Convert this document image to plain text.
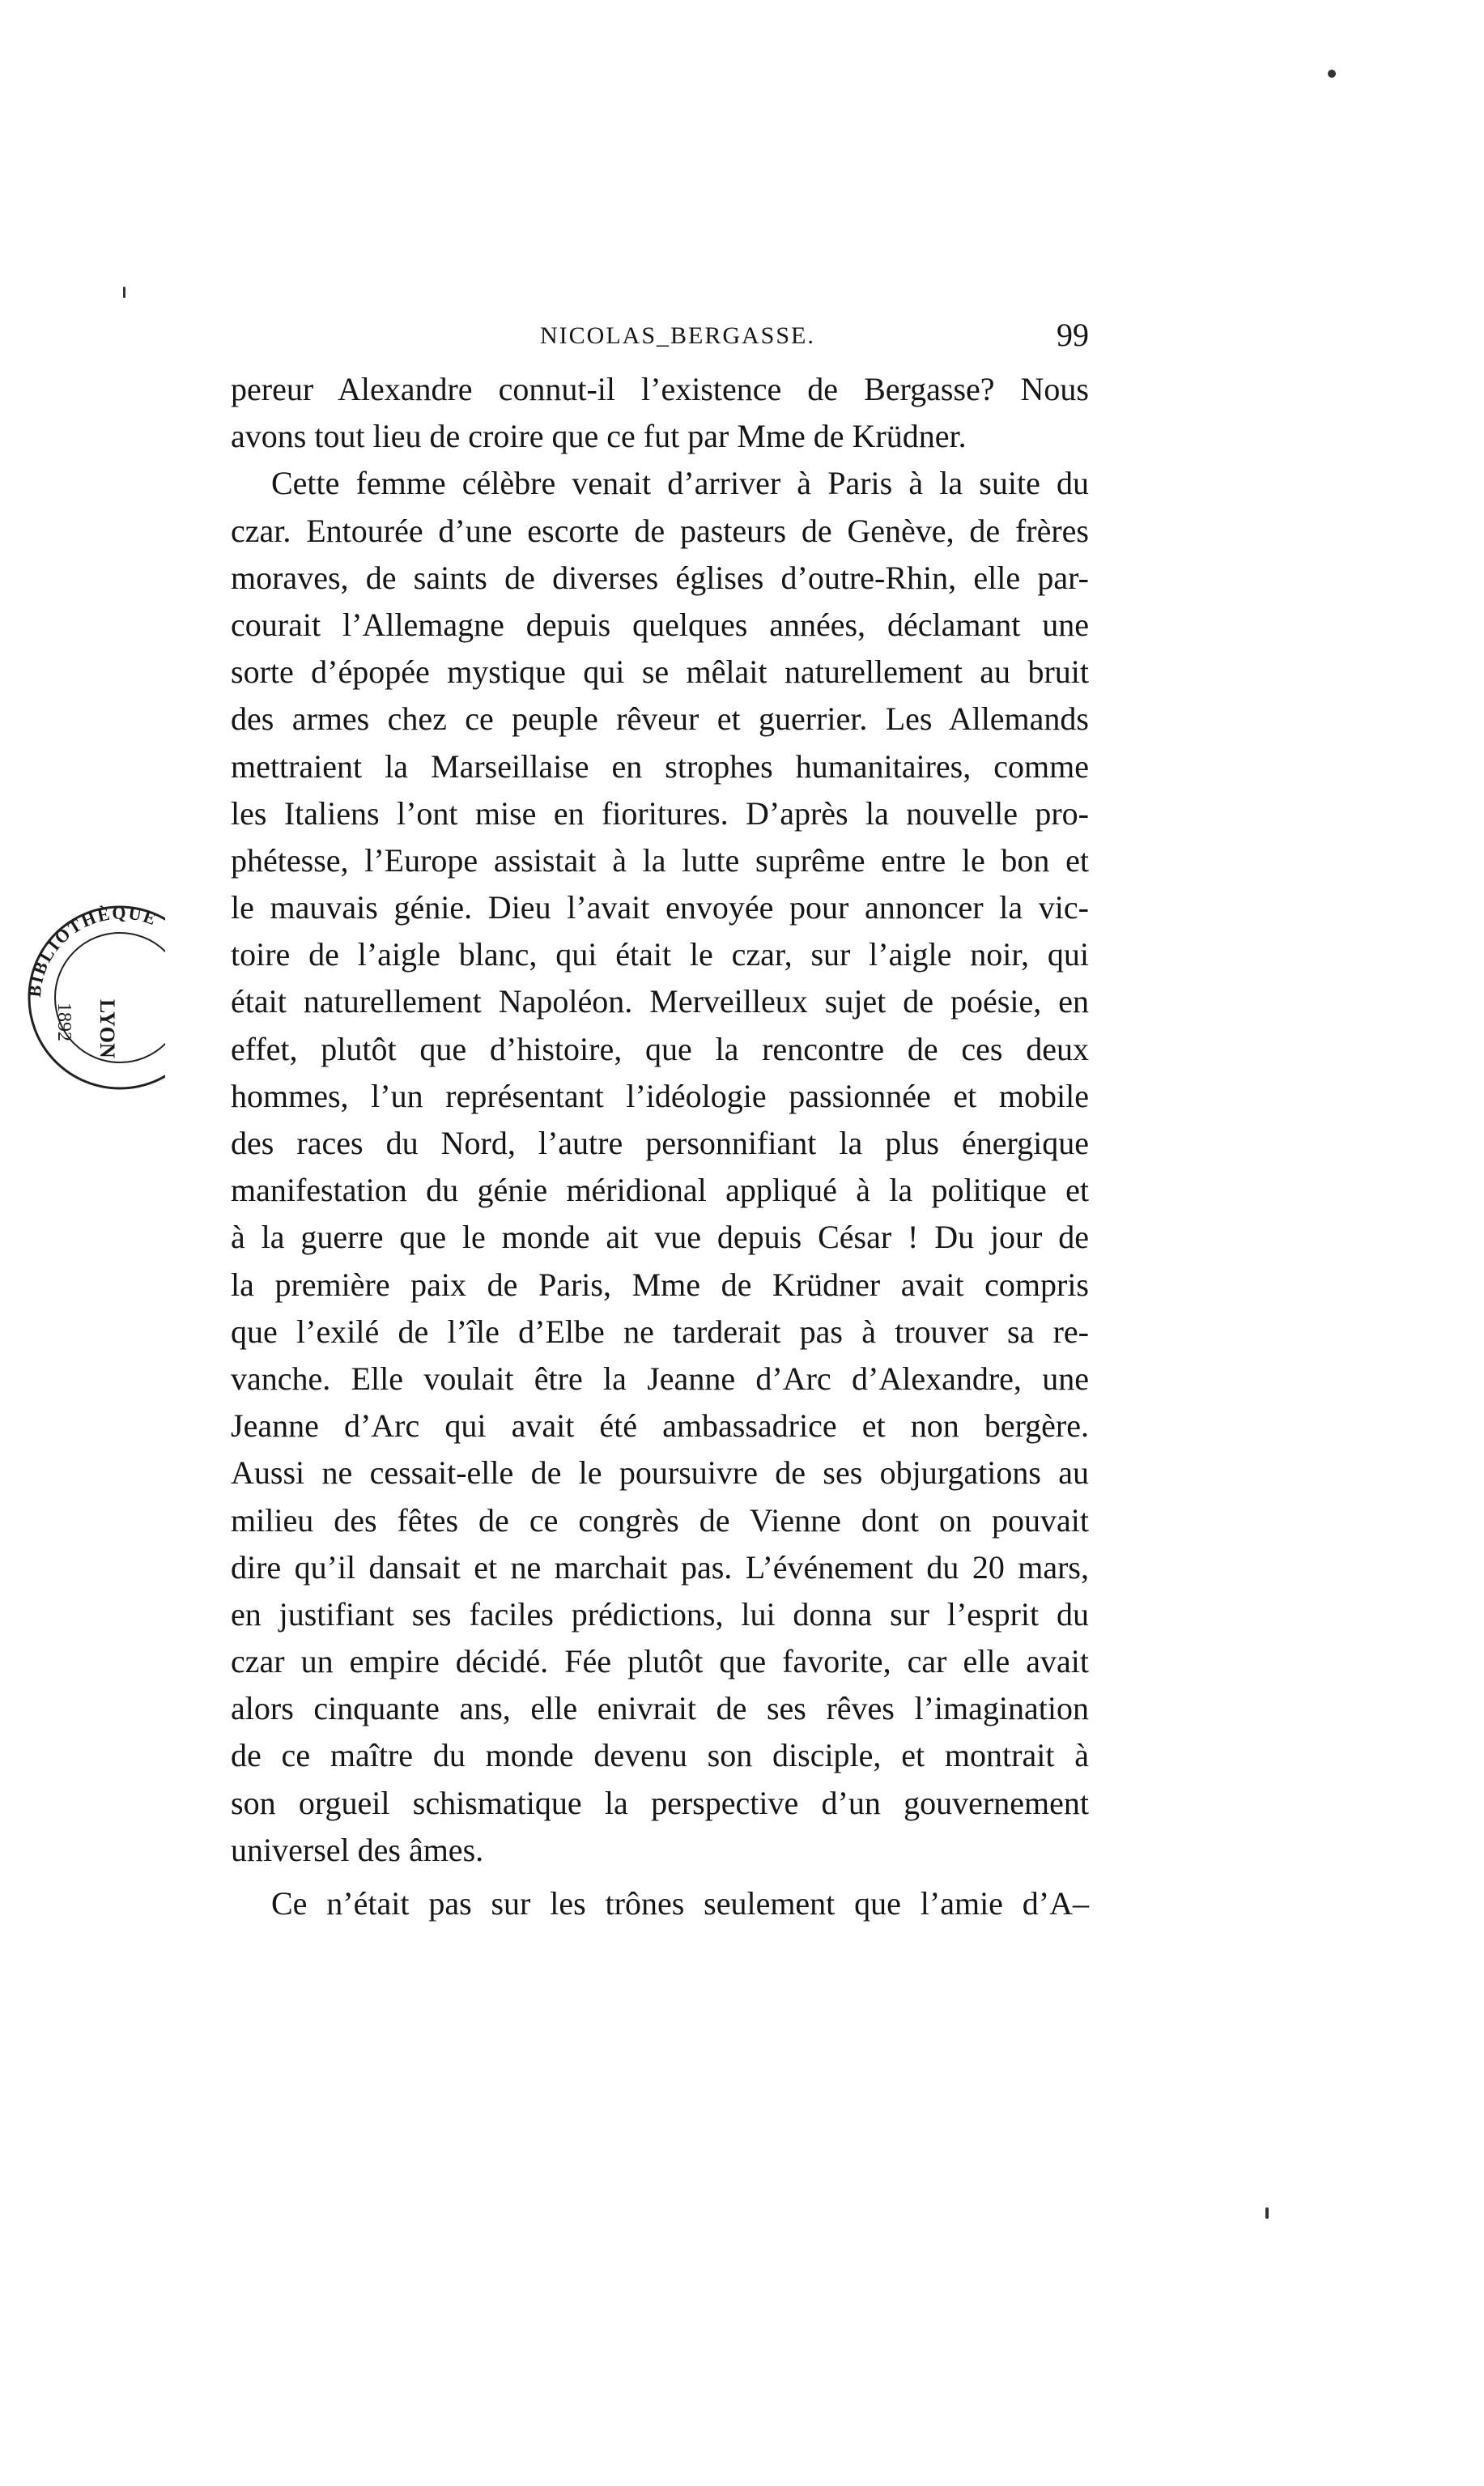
NICOLAS_BERGASSE.	99
BIBLIOTHÈQUE
LYON
1892
pereur Alexandre connut-il l’existence de Bergasse? Nous
avons tout lieu de croire que ce fut par Mme de Krüdner.
Cette femme célèbre venait d’arriver à Paris à la suite du
czar. Entourée d’une escorte de pasteurs de Genève, de frères
moraves, de saints de diverses églises d’outre-Rhin, elle par-
courait l’Allemagne depuis quelques années, déclamant une
sorte d’épopée mystique qui se mêlait naturellement au bruit
des armes chez ce peuple rêveur et guerrier. Les Allemands
mettraient la Marseillaise en strophes humanitaires, comme
les Italiens l’ont mise en fioritures. D’après la nouvelle pro-
phétesse, l’Europe assistait à la lutte suprême entre le bon et
le mauvais génie. Dieu l’avait envoyée pour annoncer la vic-
toire de l’aigle blanc, qui était le czar, sur l’aigle noir, qui
était naturellement Napoléon. Merveilleux sujet de poésie, en
effet, plutôt que d’histoire, que la rencontre de ces deux
hommes, l’un représentant l’idéologie passionnée et mobile
des races du Nord, l’autre personnifiant la plus énergique
manifestation du génie méridional appliqué à la politique et
à la guerre que le monde ait vue depuis César ! Du jour de
la première paix de Paris, Mme de Krüdner avait compris
que l’exilé de l’île d’Elbe ne tarderait pas à trouver sa re-
vanche. Elle voulait être la Jeanne d’Arc d’Alexandre, une
Jeanne d’Arc qui avait été ambassadrice et non bergère.
Aussi ne cessait-elle de le poursuivre de ses objurgations au
milieu des fêtes de ce congrès de Vienne dont on pouvait
dire qu’il dansait et ne marchait pas. L’événement du 20 mars,
en justifiant ses faciles prédictions, lui donna sur l’esprit du
czar un empire décidé. Fée plutôt que favorite, car elle avait
alors cinquante ans, elle enivrait de ses rêves l’imagination
de ce maître du monde devenu son disciple, et montrait à
son orgueil schismatique la perspective d’un gouvernement
universel des âmes.
Ce n’était pas sur les trônes seulement que l’amie d’A–
